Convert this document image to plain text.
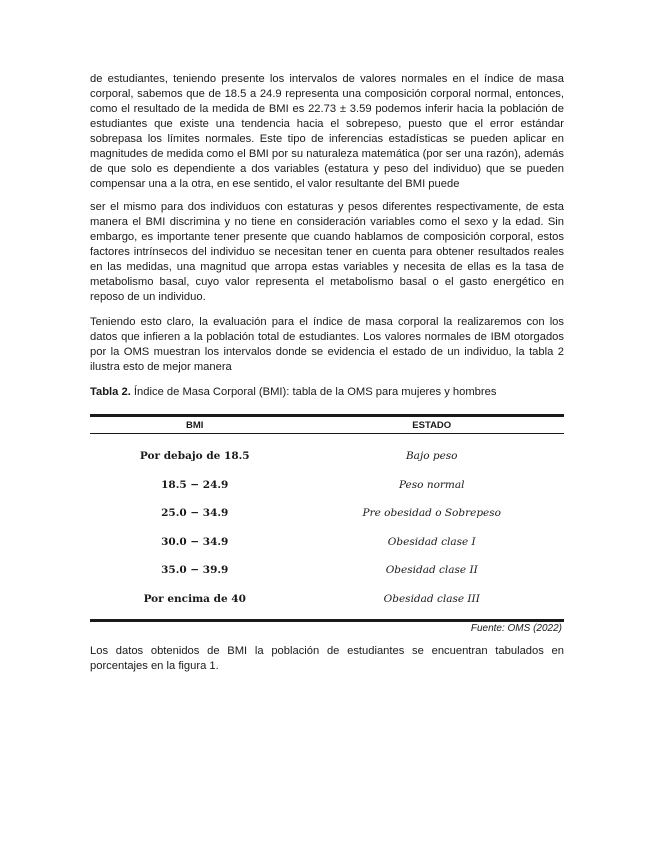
de estudiantes, teniendo presente los intervalos de valores normales en el índice de masa corporal, sabemos que de 18.5 a 24.9 representa una composición corporal normal, entonces, como el resultado de la medida de BMI es 22.73 ± 3.59 podemos inferir hacia la población de estudiantes que existe una tendencia hacia el sobrepeso, puesto que el error estándar sobrepasa los límites normales. Este tipo de inferencias estadísticas se pueden aplicar en magnitudes de medida como el BMI por su naturaleza matemática (por ser una razón), además de que solo es dependiente a dos variables (estatura y peso del individuo) que se pueden compensar una a la otra, en ese sentido, el valor resultante del BMI puede

ser el mismo para dos individuos con estaturas y pesos diferentes respectivamente, de esta manera el BMI discrimina y no tiene en consideración variables como el sexo y la edad. Sin embargo, es importante tener presente que cuando hablamos de composición corporal, estos factores intrínsecos del individuo se necesitan tener en cuenta para obtener resultados reales en las medidas, una magnitud que arropa estas variables y necesita de ellas es la tasa de metabolismo basal, cuyo valor representa el metabolismo basal o el gasto energético en reposo de un individuo.

Teniendo esto claro, la evaluación para el índice de masa corporal la realizaremos con los datos que infieren a la población total de estudiantes. Los valores normales de IBM otorgados por la OMS muestran los intervalos donde se evidencia el estado de un individuo, la tabla 2 ilustra esto de mejor manera

Tabla 2. Índice de Masa Corporal (BMI): tabla de la OMS para mujeres y hombres
BMI	ESTADO
Por debajo de 18.5	Bajo peso
18.5 − 24.9	Peso normal
25.0 − 34.9	Pre obesidad o Sobrepeso
30.0 − 34.9	Obesidad clase I
35.0 − 39.9	Obesidad clase II
Por encima de 40	Obesidad clase III
Fuente: OMS (2022)

Los datos obtenidos de BMI la población de estudiantes se encuentran tabulados en porcentajes en la figura 1.
